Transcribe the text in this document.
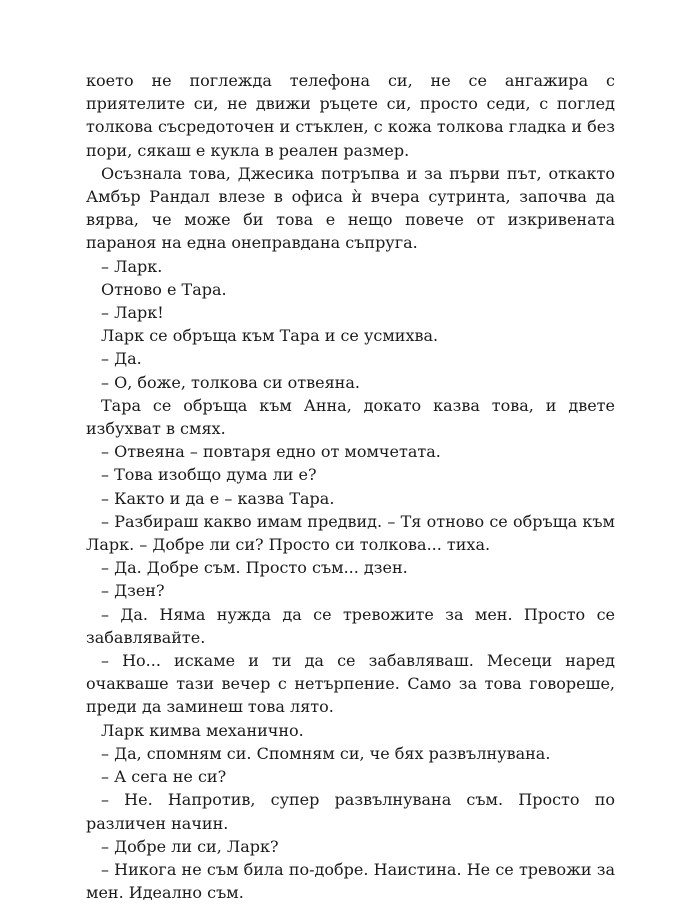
което не поглежда телефона си, не се ангажира с приятелите си, не движи ръцете си, просто седи, с поглед толкова съсредоточен и стъклен, с кожа толкова гладка и без пори, сякаш е кукла в реален размер.

Осъзнала това, Джесика потръпва и за първи път, откакто Амбър Рандал влезе в офиса ѝ вчера сутринта, започва да вярва, че може би това е нещо повече от изкривената параноя на една онеправдана съпруга.

– Ларк.

Отново е Тара.

– Ларк!

Ларк се обръща към Тара и се усмихва.

– Да.

– О, боже, толкова си отвеяна.

Тара се обръща към Анна, докато казва това, и двете избухват в смях.

– Отвеяна – повтаря едно от момчетата.

– Това изобщо дума ли е?

– Както и да е – казва Тара.

– Разбираш какво имам предвид. – Тя отново се обръща към Ларк. – Добре ли си? Просто си толкова... тиха.

– Да. Добре съм. Просто съм... дзен.

– Дзен?

– Да. Няма нужда да се тревожите за мен. Просто се забавлявайте.

– Но... искаме и ти да се забавляваш. Месеци наред очакваше тази вечер с нетърпение. Само за това говореше, преди да заминеш това лято.

Ларк кимва механично.

– Да, спомням си. Спомням си, че бях развълнувана.

– А сега не си?

– Не. Напротив, супер развълнувана съм. Просто по различен начин.

– Добре ли си, Ларк?

– Никога не съм била по-добре. Наистина. Не се тревожи за мен. Идеално съм.
